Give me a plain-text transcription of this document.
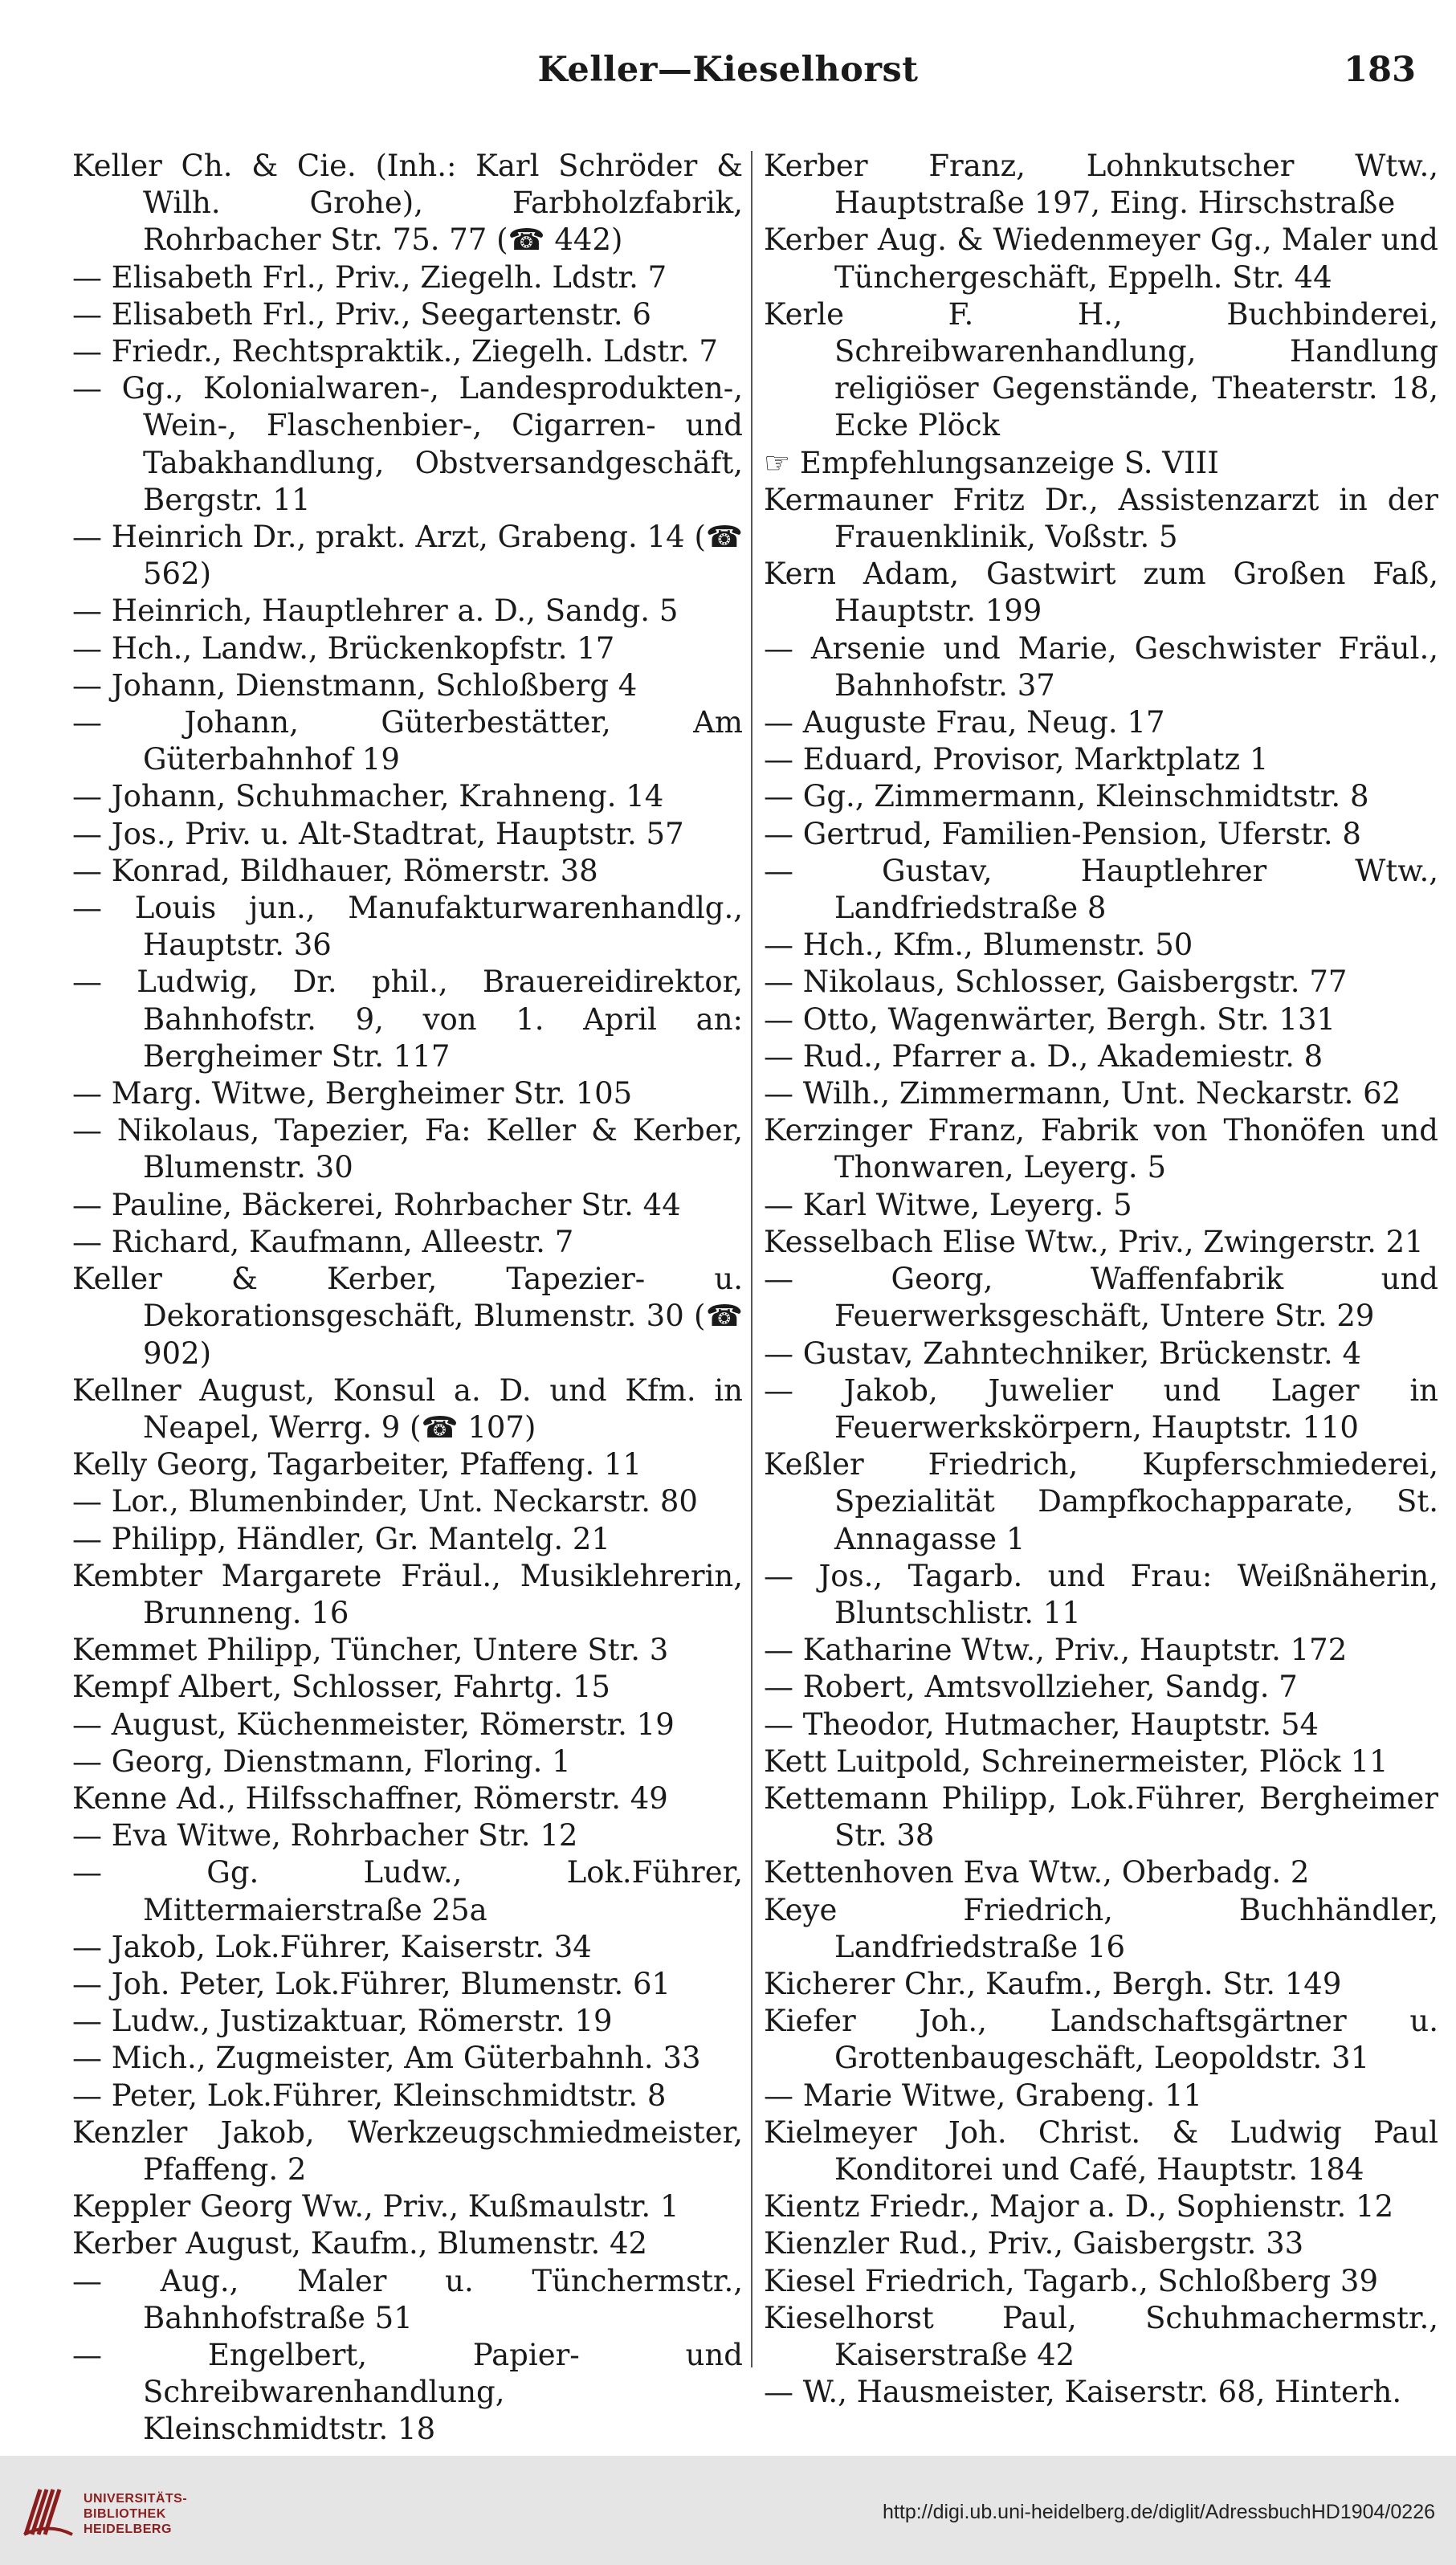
Keller—Kieselhorst	183

Keller Ch. & Cie. (Inh.: Karl Schröder & Wilh. Grohe), Farbholzfabrik, Rohrbacher Str. 75. 77 (☎ 442)

— Elisabeth Frl., Priv., Ziegelh. Ldstr. 7

— Elisabeth Frl., Priv., Seegartenstr. 6

— Friedr., Rechtspraktik., Ziegelh. Ldstr. 7

— Gg., Kolonialwaren-, Landesprodukten-, Wein-, Flaschenbier-, Cigarren- und Tabakhandlung, Obstversandgeschäft, Bergstr. 11

— Heinrich Dr., prakt. Arzt, Grabeng. 14 (☎ 562)

— Heinrich, Hauptlehrer a. D., Sandg. 5

— Hch., Landw., Brückenkopfstr. 17

— Johann, Dienstmann, Schloßberg 4

— Johann, Güterbestätter, Am Güterbahnhof 19

— Johann, Schuhmacher, Krahneng. 14

— Jos., Priv. u. Alt-Stadtrat, Hauptstr. 57

— Konrad, Bildhauer, Römerstr. 38

— Louis jun., Manufakturwarenhandlg., Hauptstr. 36

— Ludwig, Dr. phil., Brauereidirektor, Bahnhofstr. 9, von 1. April an: Bergheimer Str. 117

— Marg. Witwe, Bergheimer Str. 105

— Nikolaus, Tapezier, Fa: Keller & Kerber, Blumenstr. 30

— Pauline, Bäckerei, Rohrbacher Str. 44

— Richard, Kaufmann, Alleestr. 7

Keller & Kerber, Tapezier- u. Dekorationsgeschäft, Blumenstr. 30 (☎ 902)

Kellner August, Konsul a. D. und Kfm. in Neapel, Werrg. 9 (☎ 107)

Kelly Georg, Tagarbeiter, Pfaffeng. 11

— Lor., Blumenbinder, Unt. Neckarstr. 80

— Philipp, Händler, Gr. Mantelg. 21

Kembter Margarete Fräul., Musiklehrerin, Brunneng. 16

Kemmet Philipp, Tüncher, Untere Str. 3

Kempf Albert, Schlosser, Fahrtg. 15

— August, Küchenmeister, Römerstr. 19

— Georg, Dienstmann, Floring. 1

Kenne Ad., Hilfsschaffner, Römerstr. 49

— Eva Witwe, Rohrbacher Str. 12

— Gg. Ludw., Lok.Führer, Mittermaierstraße 25a

— Jakob, Lok.Führer, Kaiserstr. 34

— Joh. Peter, Lok.Führer, Blumenstr. 61

— Ludw., Justizaktuar, Römerstr. 19

— Mich., Zugmeister, Am Güterbahnh. 33

— Peter, Lok.Führer, Kleinschmidtstr. 8

Kenzler Jakob, Werkzeugschmiedmeister, Pfaffeng. 2

Keppler Georg Ww., Priv., Kußmaulstr. 1

Kerber August, Kaufm., Blumenstr. 42

— Aug., Maler u. Tünchermstr., Bahnhofstraße 51

— Engelbert, Papier- und Schreibwarenhandlung, Kleinschmidtstr. 18

Kerber Franz, Lohnkutscher Wtw., Hauptstraße 197, Eing. Hirschstraße

Kerber Aug. & Wiedenmeyer Gg., Maler und Tünchergeschäft, Eppelh. Str. 44

Kerle F. H., Buchbinderei, Schreibwarenhandlung, Handlung religiöser Gegenstände, Theaterstr. 18, Ecke Plöck

☞ Empfehlungsanzeige S. VIII

Kermauner Fritz Dr., Assistenzarzt in der Frauenklinik, Voßstr. 5

Kern Adam, Gastwirt zum Großen Faß, Hauptstr. 199

— Arsenie und Marie, Geschwister Fräul., Bahnhofstr. 37

— Auguste Frau, Neug. 17

— Eduard, Provisor, Marktplatz 1

— Gg., Zimmermann, Kleinschmidtstr. 8

— Gertrud, Familien-Pension, Uferstr. 8

— Gustav, Hauptlehrer Wtw., Landfriedstraße 8

— Hch., Kfm., Blumenstr. 50

— Nikolaus, Schlosser, Gaisbergstr. 77

— Otto, Wagenwärter, Bergh. Str. 131

— Rud., Pfarrer a. D., Akademiestr. 8

— Wilh., Zimmermann, Unt. Neckarstr. 62

Kerzinger Franz, Fabrik von Thonöfen und Thonwaren, Leyerg. 5

— Karl Witwe, Leyerg. 5

Kesselbach Elise Wtw., Priv., Zwingerstr. 21

— Georg, Waffenfabrik und Feuerwerksgeschäft, Untere Str. 29

— Gustav, Zahntechniker, Brückenstr. 4

— Jakob, Juwelier und Lager in Feuerwerkskörpern, Hauptstr. 110

Keßler Friedrich, Kupferschmiederei, Spezialität Dampfkochapparate, St. Annagasse 1

— Jos., Tagarb. und Frau: Weißnäherin, Bluntschlistr. 11

— Katharine Wtw., Priv., Hauptstr. 172

— Robert, Amtsvollzieher, Sandg. 7

— Theodor, Hutmacher, Hauptstr. 54

Kett Luitpold, Schreinermeister, Plöck 11

Kettemann Philipp, Lok.Führer, Bergheimer Str. 38

Kettenhoven Eva Wtw., Oberbadg. 2

Keye Friedrich, Buchhändler, Landfriedstraße 16

Kicherer Chr., Kaufm., Bergh. Str. 149

Kiefer Joh., Landschaftsgärtner u. Grottenbaugeschäft, Leopoldstr. 31

— Marie Witwe, Grabeng. 11

Kielmeyer Joh. Christ. & Ludwig Paul Konditorei und Café, Hauptstr. 184

Kientz Friedr., Major a. D., Sophienstr. 12

Kienzler Rud., Priv., Gaisbergstr. 33

Kiesel Friedrich, Tagarb., Schloßberg 39

Kieselhorst Paul, Schuhmachermstr., Kaiserstraße 42

— W., Hausmeister, Kaiserstr. 68, Hinterh.

UNIVERSITÄTS-
BIBLIOTHEK
HEIDELBERG
http://digi.ub.uni-heidelberg.de/diglit/AdressbuchHD1904/0226
